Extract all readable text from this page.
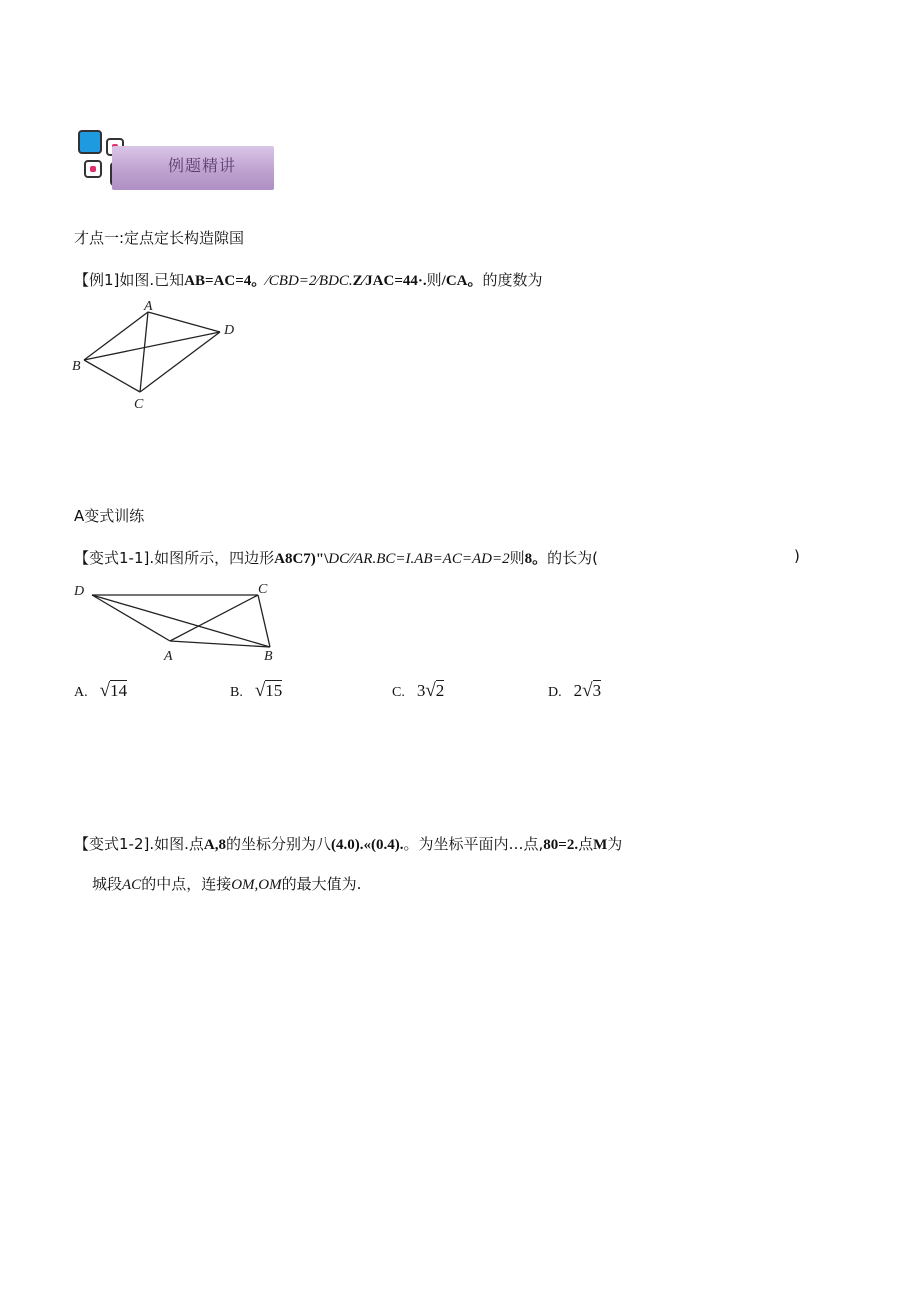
例题精讲
才点一:定点定长构造隙国
【例1]如图.已知AB=AC=4。∕CBD=2∕BDC.Z∕JAC=44·.则/CA。的度数为
A
D
B
C
A变式训练
【变式1-1].如图所示，四边形A8C7)"\DC∕∕AR.BC=I.AB=AC=AD=2则8。的长为(	)
D	C
A	B
A. √14	B. √15	C. 3√2	D. 2√3
【变式1-2].如图.点A,8的坐标分别为八(4.0).«(0.4).。为坐标平面内…点,80=2.点M为
城段AC的中点，连接OM,OM的最大值为.
